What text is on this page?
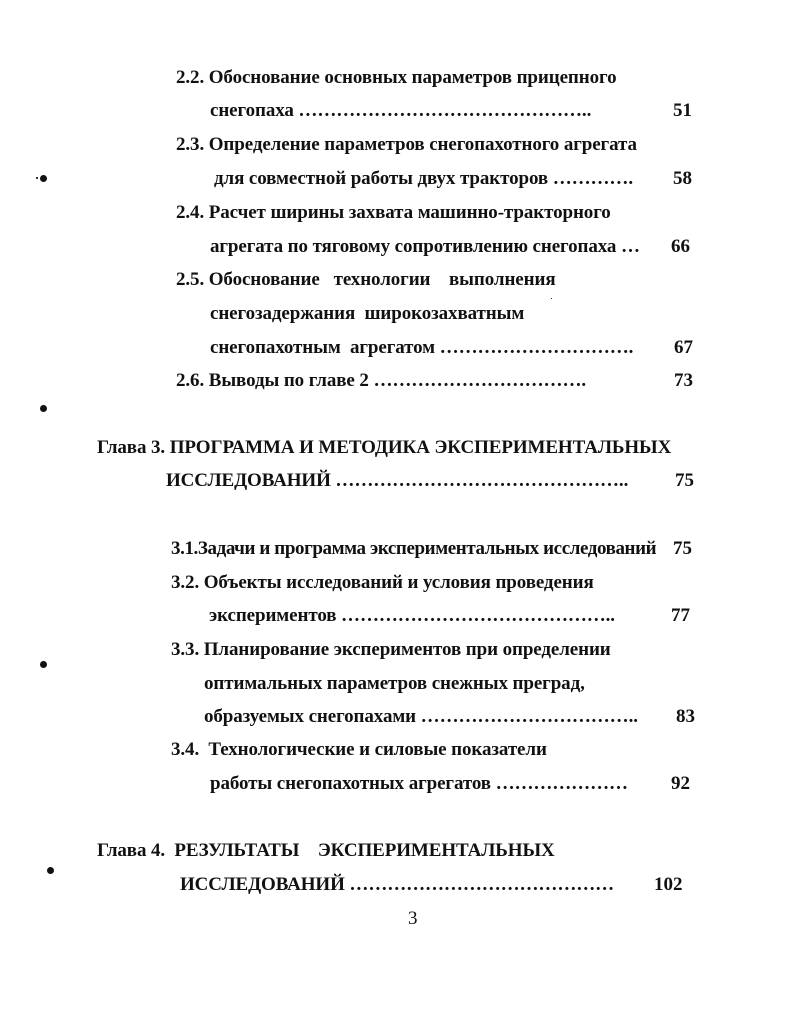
2.2. Обоснование основных параметров прицепного
снегопаха ………………………………………..	51
2.3. Определение параметров снегопахотного агрегата
для совместной работы двух тракторов …………. 58
2.4. Расчет ширины захвата машинно-тракторного
агрегата по тяговому сопротивлению снегопаха … 66
2.5. Обоснование   технологии    выполнения
снегозадержания  широкозахватным
снегопахотным  агрегатом …………………………. 67
2.6. Выводы по главе 2 …………………………….	73
Глава 3. ПРОГРАММА И МЕТОДИКА ЭКСПЕРИМЕНТАЛЬНЫХ
ИССЛЕДОВАНИЙ ……………………………………….. 75
3.1.Задачи и программа экспериментальных исследований 75
3.2. Объекты исследований и условия проведения
экспериментов ……………………………………..	77
3.3. Планирование экспериментов при определении
оптимальных параметров снежных преград,
образуемых снегопахами …………………………….. 83
3.4.  Технологические и силовые показатели
работы снегопахотных агрегатов ………………… 92
Глава 4.  РЕЗУЛЬТАТЫ    ЭКСПЕРИМЕНТАЛЬНЫХ
ИССЛЕДОВАНИЙ …………………………………… 102
3
